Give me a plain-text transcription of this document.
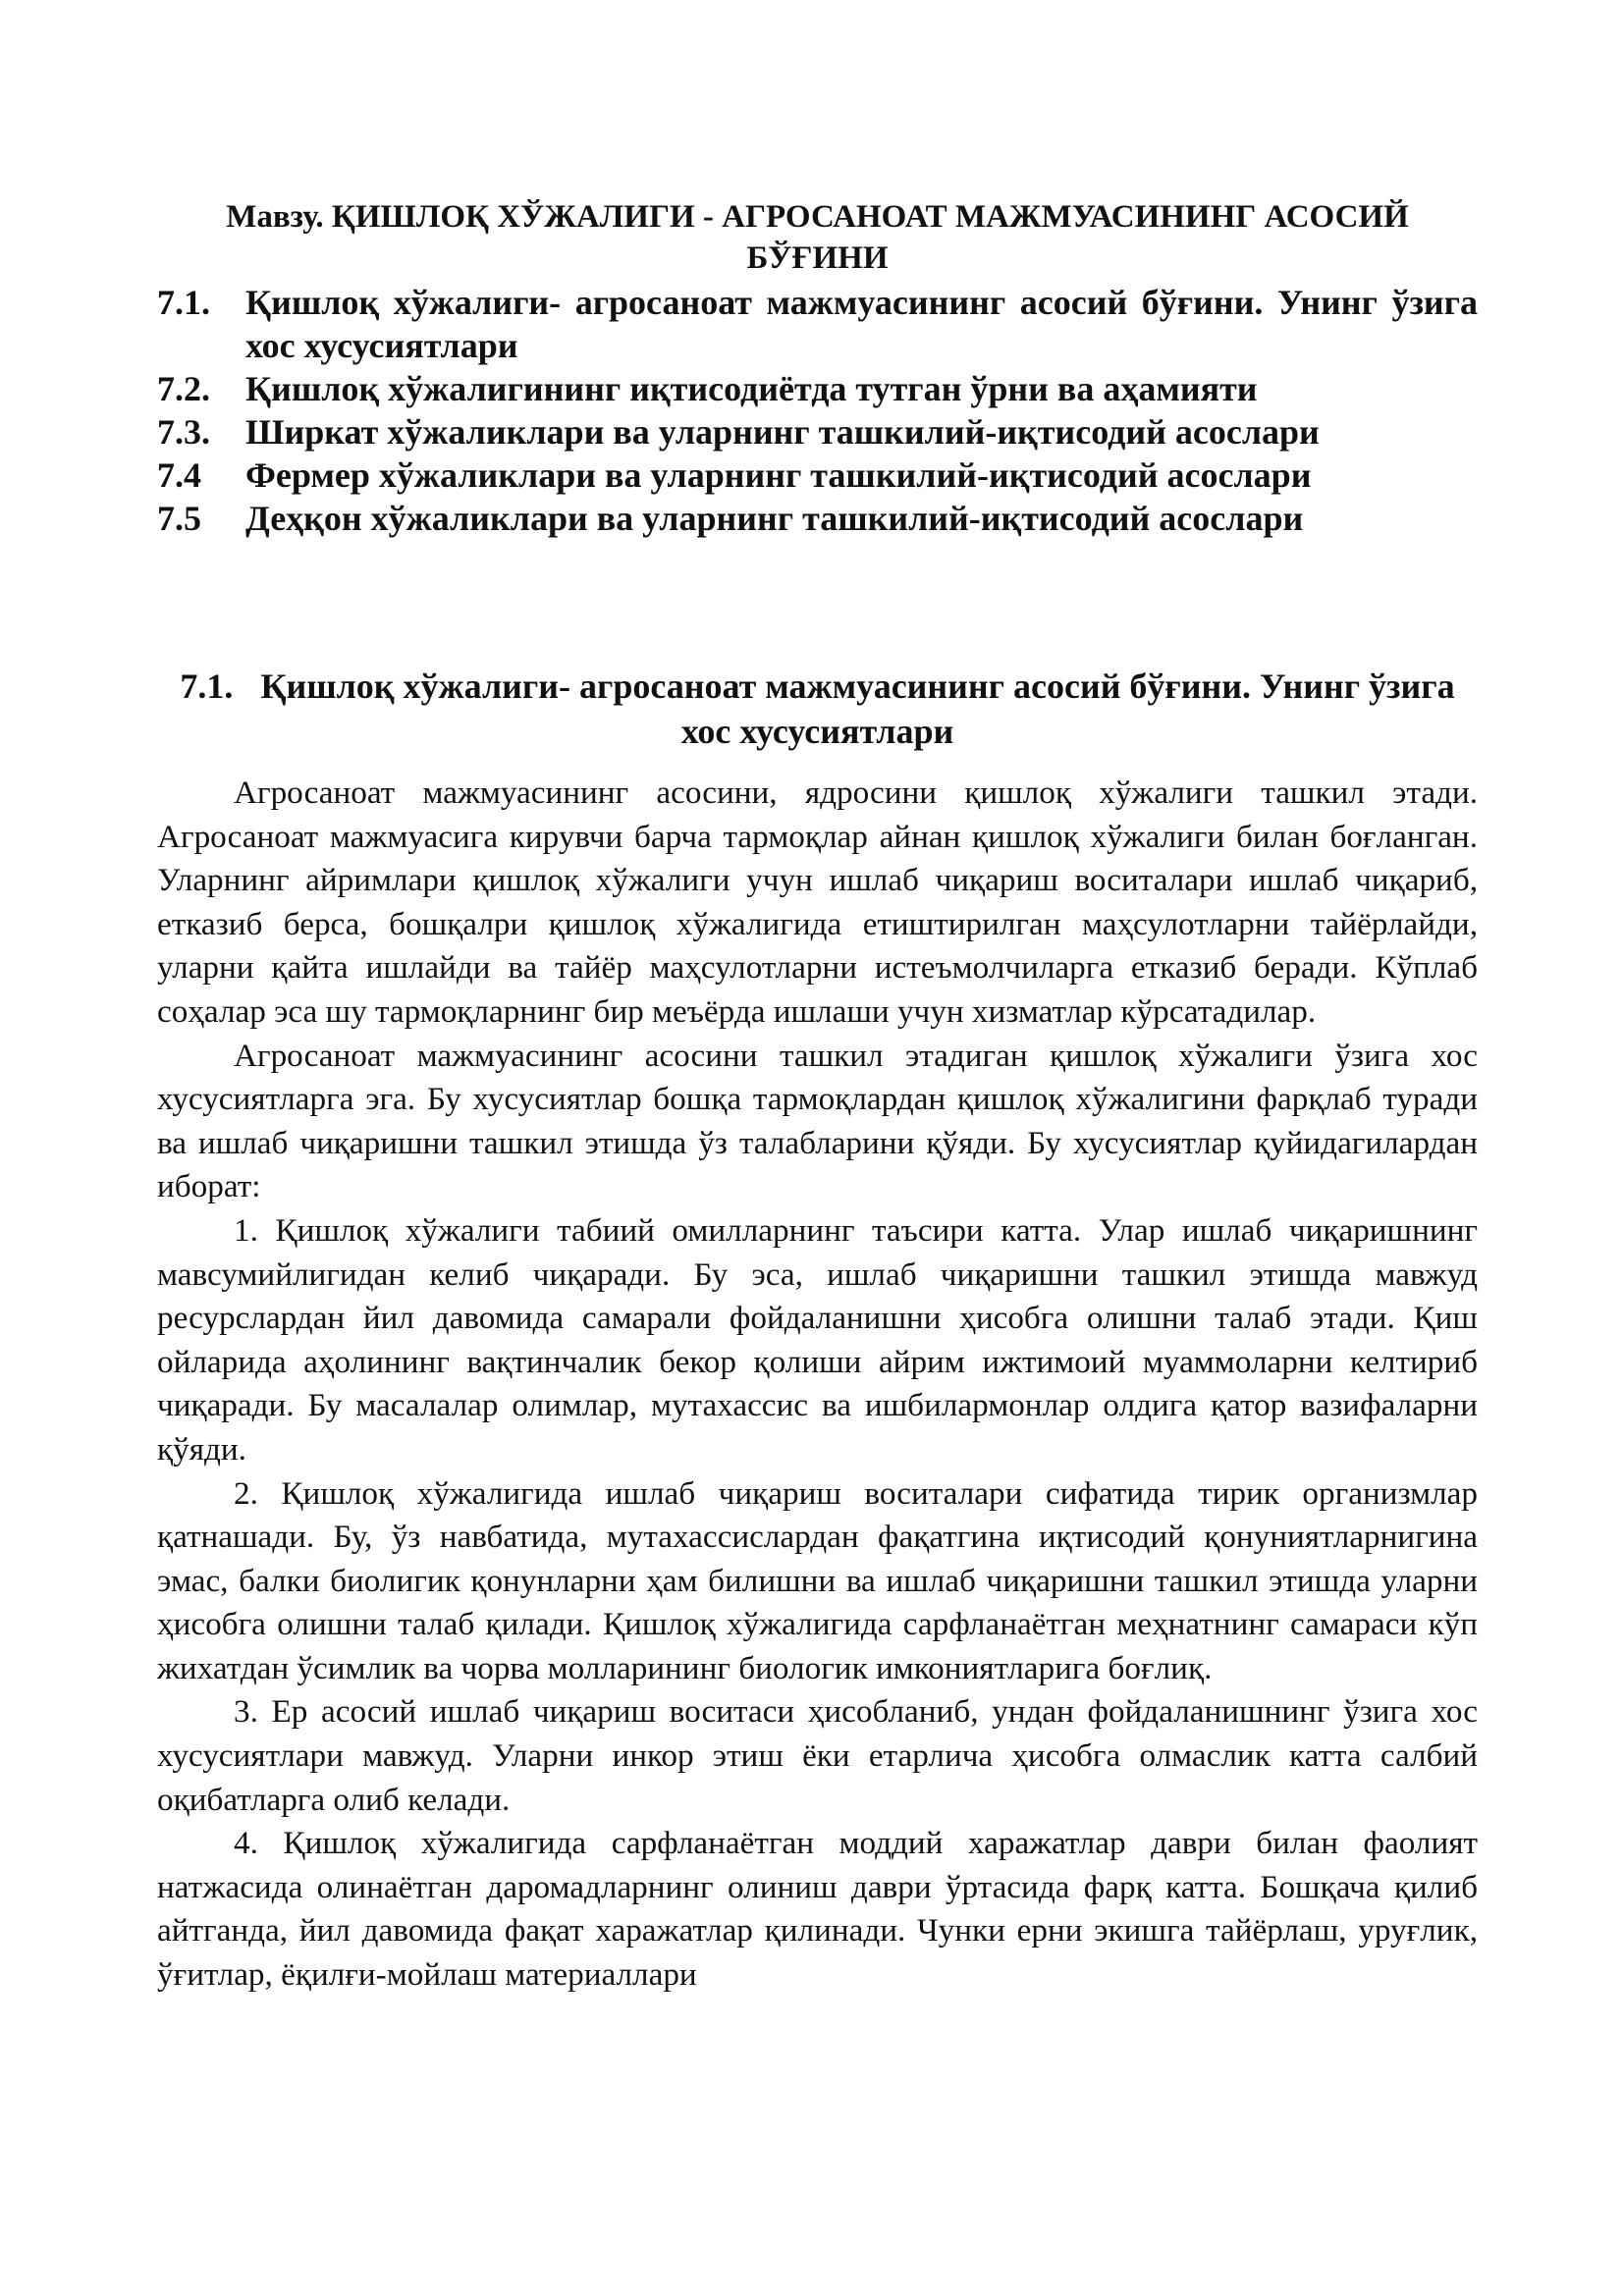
Мавзу. ҚИШЛОҚ ХЎЖАЛИГИ - АГРОСАНОАТ МАЖМУАСИНИНГ АСОСИЙ БЎҒИНИ
7.1.	Қишлоқ хўжалиги- агросаноат мажмуасининг асосий бўғини. Унинг ўзига хос хусусиятлари
7.2.	Қишлоқ хўжалигининг иқтисодиётда тутган ўрни ва аҳамияти
7.3.	Ширкат хўжаликлари ва уларнинг ташкилий-иқтисодий асослари
7.4	Фермер хўжаликлари ва уларнинг ташкилий-иқтисодий асослари
7.5	Деҳқон хўжаликлари ва уларнинг ташкилий-иқтисодий асослари
7.1. Қишлоқ хўжалиги- агросаноат мажмуасининг асосий бўғини. Унинг ўзига хос хусусиятлари

Агросаноат мажмуасининг асосини, ядросини қишлоқ хўжалиги ташкил этади. Агросаноат мажмуасига кирувчи барча тармоқлар айнан қишлоқ хўжалиги билан боғланган. Уларнинг айримлари қишлоқ хўжалиги учун ишлаб чиқариш воситалари ишлаб чиқариб, етказиб берса, бошқалри қишлоқ хўжалигида етиштирилган маҳсулотларни тайёрлайди, уларни қайта ишлайди ва тайёр маҳсулотларни истеъмолчиларга етказиб беради. Кўплаб соҳалар эса шу тармоқларнинг бир меъёрда ишлаши учун хизматлар кўрсатадилар.

Агросаноат мажмуасининг асосини ташкил этадиган қишлоқ хўжалиги ўзига хос хусусиятларга эга. Бу хусусиятлар бошқа тармоқлардан қишлоқ хўжалигини фарқлаб туради ва ишлаб чиқаришни ташкил этишда ўз талабларини қўяди. Бу хусусиятлар қуйидагилардан иборат:

1. Қишлоқ хўжалиги табиий омилларнинг таъсири катта. Улар ишлаб чиқаришнинг мавсумийлигидан келиб чиқаради. Бу эса, ишлаб чиқаришни ташкил этишда мавжуд ресурслардан йил давомида самарали фойдаланишни ҳисобга олишни талаб этади. Қиш ойларида аҳолининг вақтинчалик бекор қолиши айрим ижтимоий муаммоларни келтириб чиқаради. Бу масалалар олимлар, мутахассис ва ишбилармонлар олдига қатор вазифаларни қўяди.

2. Қишлоқ хўжалигида ишлаб чиқариш воситалари сифатида тирик организмлар қатнашади. Бу, ўз навбатида, мутахассислардан фақатгина иқтисодий қонуниятларнигина эмас, балки биолигик қонунларни ҳам билишни ва ишлаб чиқаришни ташкил этишда уларни ҳисобга олишни талаб қилади. Қишлоқ хўжалигида сарфланаётган меҳнатнинг самараси кўп жихатдан ўсимлик ва чорва молларининг биологик имкониятларига боғлиқ.

3. Ер асосий ишлаб чиқариш воситаси ҳисобланиб, ундан фойдаланишнинг ўзига хос хусусиятлари мавжуд. Уларни инкор этиш ёки етарлича ҳисобга олмаслик катта салбий оқибатларга олиб келади.

4. Қишлоқ хўжалигида сарфланаётган моддий харажатлар даври билан фаолият натжасида олинаётган даромадларнинг олиниш даври ўртасида фарқ катта. Бошқача қилиб айтганда, йил давомида фақат харажатлар қилинади. Чунки ерни экишга тайёрлаш, уруғлик, ўғитлар, ёқилғи-мойлаш материаллари
